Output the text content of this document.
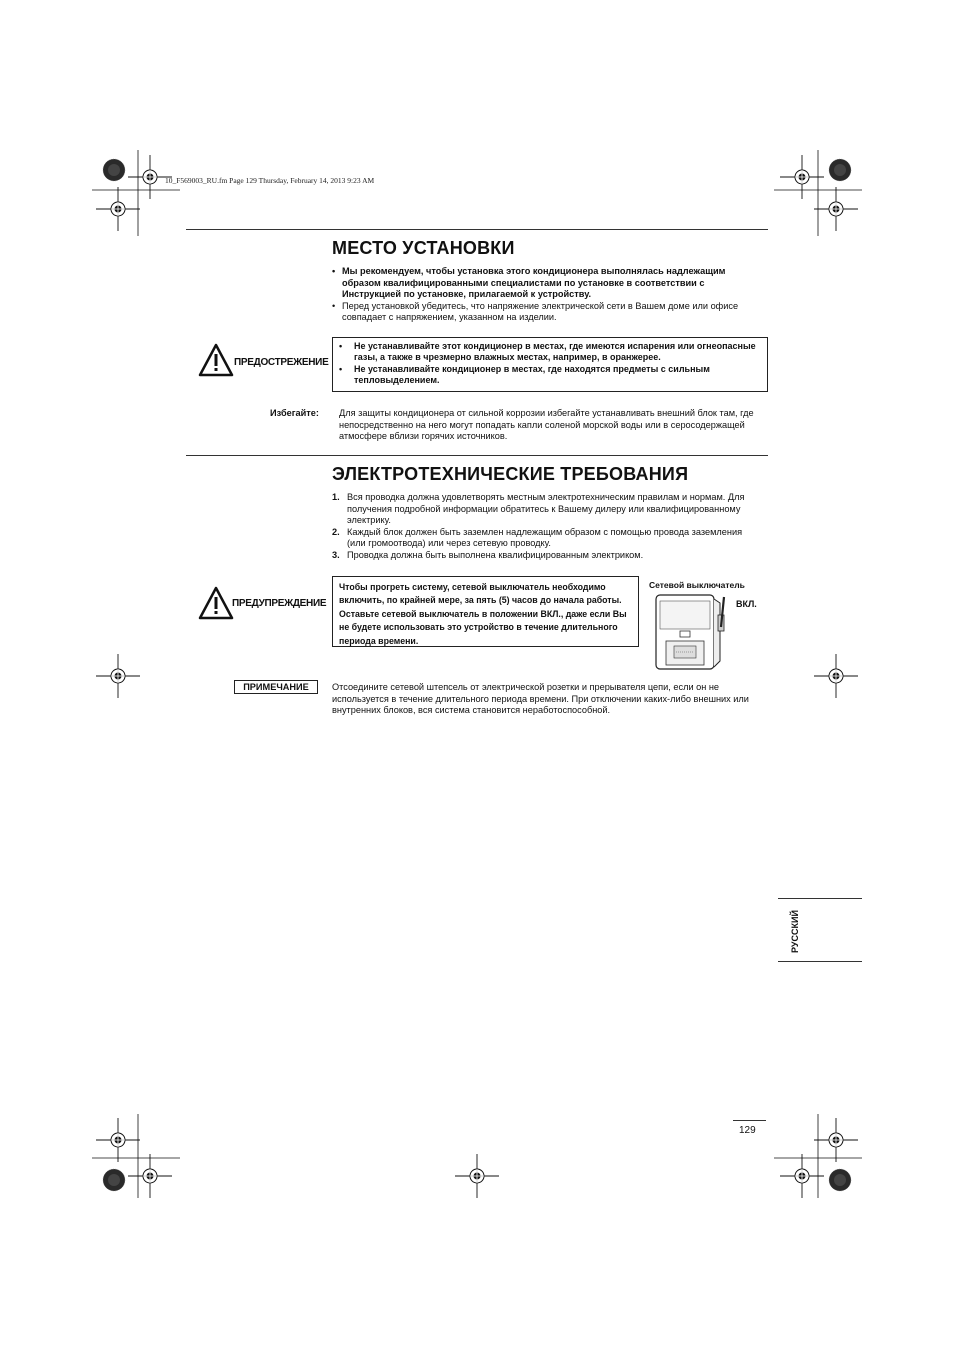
10_F569003_RU.fm Page 129 Thursday, February 14, 2013 9:23 AM
МЕСТО УСТАНОВКИ
• Мы рекомендуем, чтобы установка этого кондиционера выполнялась надлежащим образом квалифицированными специалистами по установке в соответствии с Инструкцией по установке, прилагаемой к устройству.
• Перед установкой убедитесь, что напряжение электрической сети в Вашем доме или офисе совпадает с напряжением, указанном на изделии.
ПРЕДОСТРЕЖЕНИЕ
• Не устанавливайте этот кондиционер в местах, где имеются испарения или огнеопасные газы, а также в чрезмерно влажных местах, например, в оранжерее.
• Не устанавливайте кондиционер в местах, где находятся предметы с сильным тепловыделением.
Избегайте: Для защиты кондиционера от сильной коррозии избегайте устанавливать внешний блок там, где непосредственно на него могут попадать капли соленой морской воды или в серосодержащей атмосфере вблизи горячих источников.
ЭЛЕКТРОТЕХНИЧЕСКИЕ ТРЕБОВАНИЯ
1. Вся проводка должна удовлетворять местным электротехническим правилам и нормам. Для получения подробной информации обратитесь к Вашему дилеру или квалифицированному электрику.
2. Каждый блок должен быть заземлен надлежащим образом с помощью провода заземления (или громоотвода) или через сетевую проводку.
3. Проводка должна быть выполнена квалифицированным электриком.
ПРЕДУПРЕЖДЕНИЕ
Чтобы прогреть систему, сетевой выключатель необходимо включить, по крайней мере, за пять (5) часов до начала работы. Оставьте сетевой выключатель в положении ВКЛ., даже если Вы не будете использовать это устройство в течение длительного периода времени.
Сетевой выключатель
ВКЛ.
ПРИМЕЧАНИЕ	Отсоедините сетевой штепсель от электрической розетки и прерывателя цепи, если он не используется в течение длительного периода времени. При отключении каких-либо внешних или внутренних блоков, вся система становится неработоспособной.
РУССКИЙ
129
